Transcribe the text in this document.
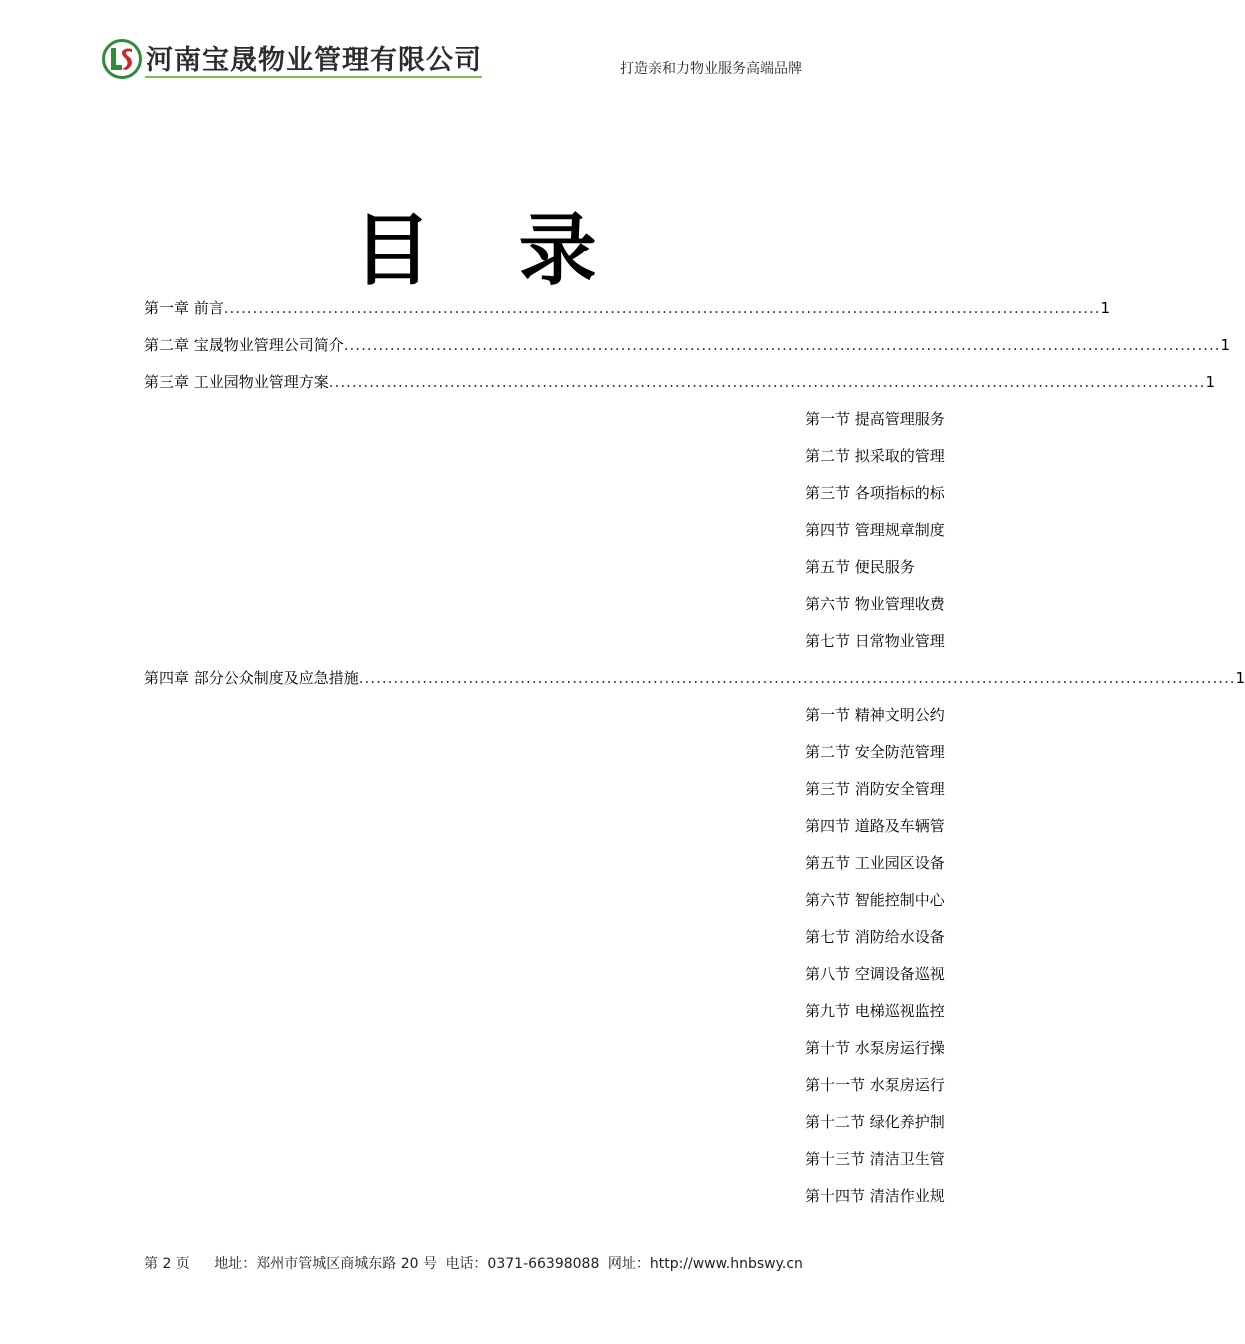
河南宝晟物业管理有限公司	打造亲和力物业服务高端品牌
目 录
第一章 前言 ........................................................................................................................................................ 1
第二章 宝晟物业管理公司简介 ........................................................................................................................................................ 1
第三章 工业园物业管理方案 ........................................................................................................................................................ 1
第一节 提高管理服务
第二节 拟采取的管理
第三节 各项指标的标
第四节 管理规章制度
第五节 便民服务　　
第六节 物业管理收费
第七节 日常物业管理
第四章 部分公众制度及应急措施 ........................................................................................................................................................ 1
第一节 精神文明公约
第二节 安全防范管理
第三节 消防安全管理
第四节 道路及车辆管
第五节 工业园区设备
第六节 智能控制中心
第七节 消防给水设备
第八节 空调设备巡视
第九节 电梯巡视监控
第十节 水泵房运行操
第十一节 水泵房运行
第十二节 绿化养护制
第十三节 清洁卫生管
第十四节 清洁作业规
第 2 页 地址：郑州市管城区商城东路 20 号 电话：0371-66398088 网址：http://www.hnbswy.cn
